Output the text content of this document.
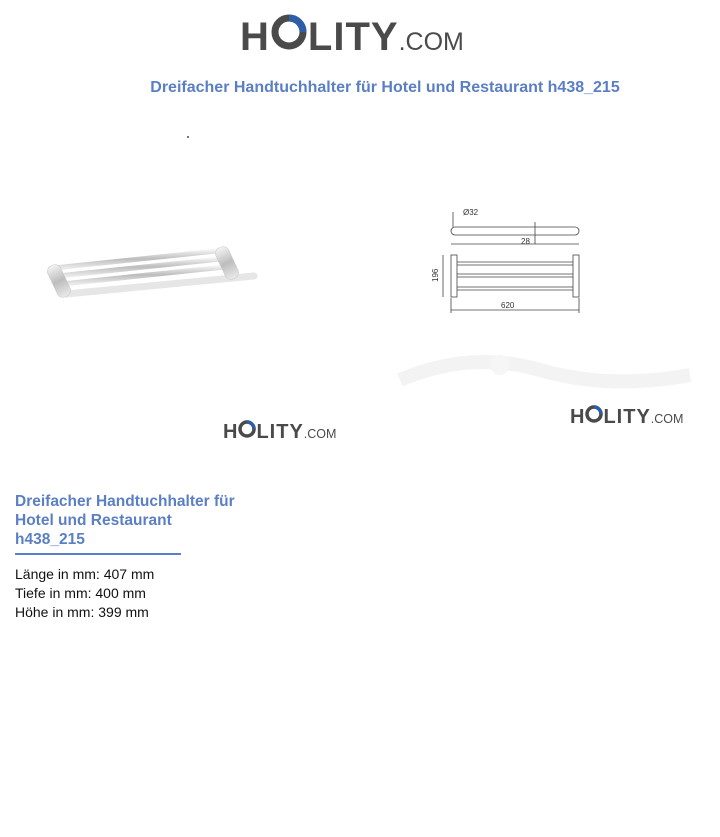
H LITY .COM
Dreifacher Handtuchhalter für Hotel und Restaurant h438_215
H LITY .COM
Ø32
28
196
620
H LITY .COM
Dreifacher Handtuchhalter für
Hotel und Restaurant
h438_215
Länge in mm: 407 mm
Tiefe in mm: 400 mm
Höhe in mm: 399 mm
